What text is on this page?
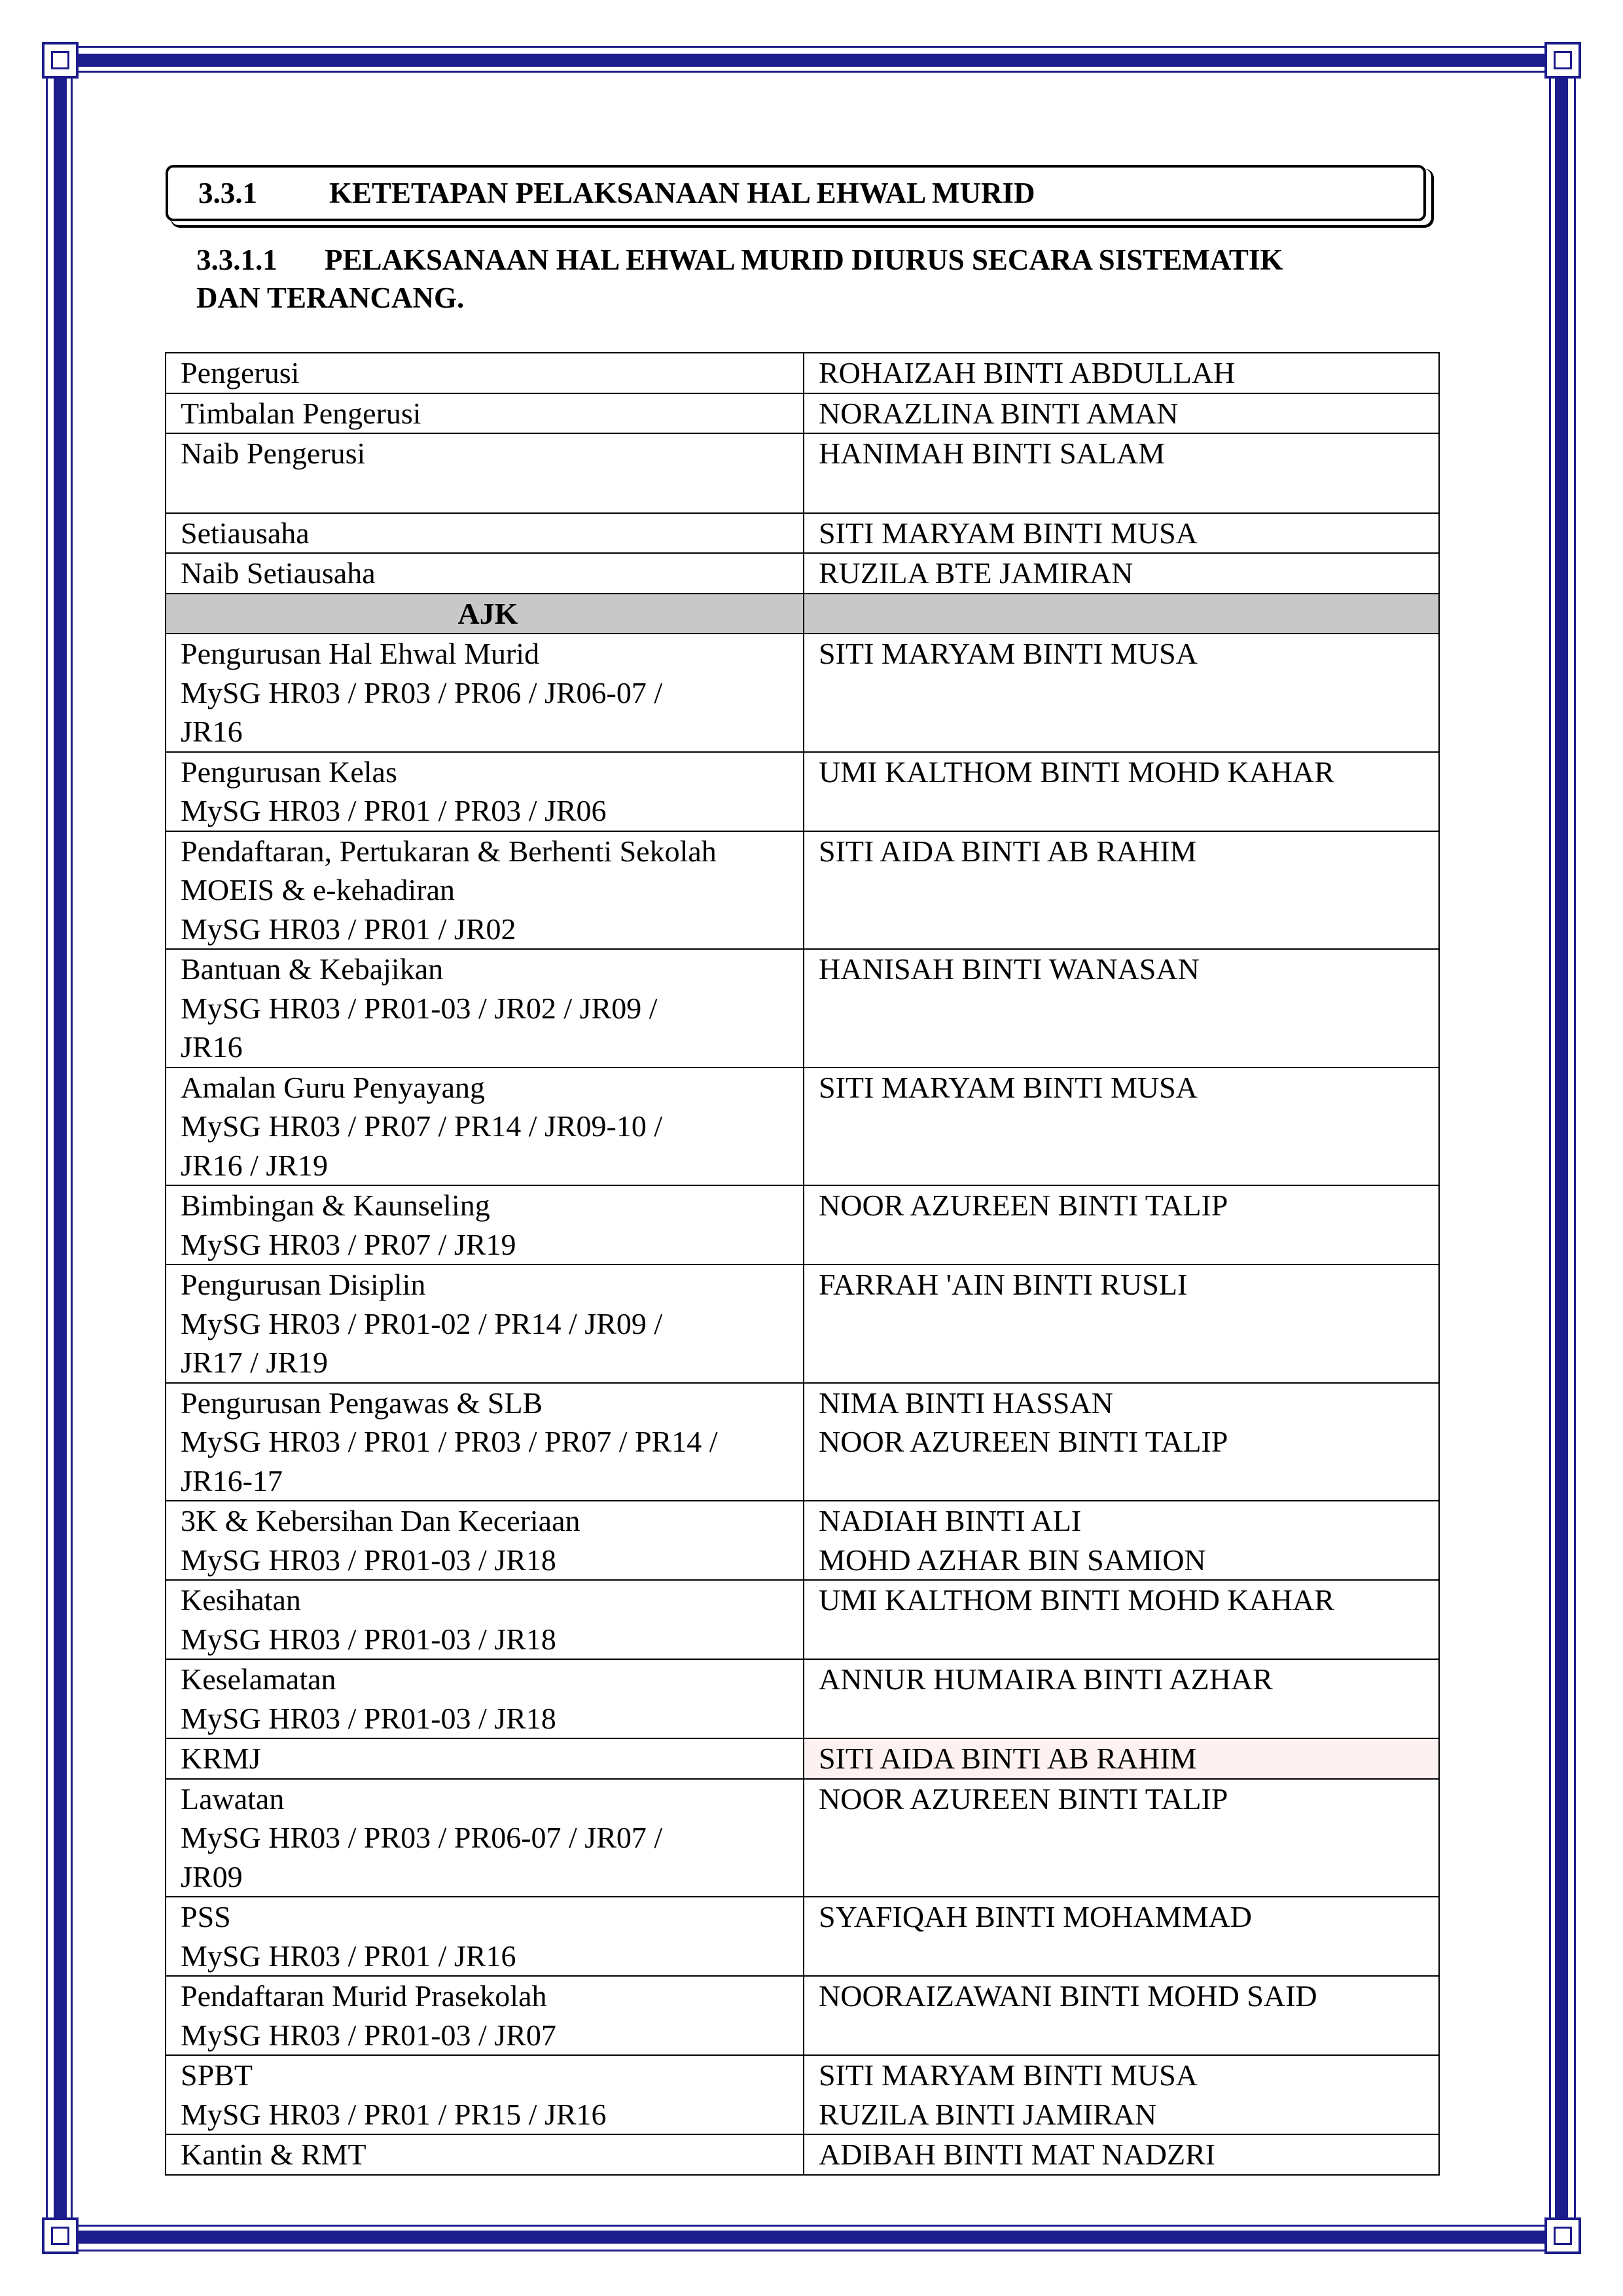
3.3.1	KETETAPAN PELAKSANAAN HAL EHWAL MURID
3.3.1.1 PELAKSANAAN HAL EHWAL MURID DIURUS SECARA SISTEMATIK
DAN TERANCANG.
Pengerusi	ROHAIZAH BINTI ABDULLAH

Timbalan Pengerusi	NORAZLINA BINTI AMAN

Naib Pengerusi	HANIMAH BINTI SALAM

Setiausaha	SITI MARYAM BINTI MUSA

Naib Setiausaha	RUZILA BTE JAMIRAN

AJK	

Pengurusan Hal Ehwal Murid
MySG HR03 / PR03 / PR06 / JR06-07 /
JR16	SITI MARYAM BINTI MUSA

Pengurusan Kelas
MySG HR03 / PR01 / PR03 / JR06	UMI KALTHOM BINTI MOHD KAHAR

Pendaftaran, Pertukaran & Berhenti Sekolah
MOEIS & e-kehadiran
MySG HR03 / PR01 / JR02	SITI AIDA BINTI AB RAHIM

Bantuan & Kebajikan
MySG HR03 / PR01-03 / JR02 / JR09 /
JR16	HANISAH BINTI WANASAN

Amalan Guru Penyayang
MySG HR03 / PR07 / PR14 / JR09-10 /
JR16 / JR19	SITI MARYAM BINTI MUSA

Bimbingan & Kaunseling
MySG HR03 / PR07 / JR19	NOOR AZUREEN BINTI TALIP

Pengurusan Disiplin
MySG HR03 / PR01-02 / PR14 / JR09 /
JR17 / JR19	FARRAH 'AIN BINTI RUSLI

Pengurusan Pengawas & SLB
MySG HR03 / PR01 / PR03 / PR07 / PR14 /
JR16-17	NIMA BINTI HASSAN
NOOR AZUREEN BINTI TALIP

3K & Kebersihan Dan Keceriaan
MySG HR03 / PR01-03 / JR18	NADIAH BINTI ALI
MOHD AZHAR BIN SAMION

Kesihatan
MySG HR03 / PR01-03 / JR18	UMI KALTHOM BINTI MOHD KAHAR

Keselamatan
MySG HR03 / PR01-03 / JR18	ANNUR HUMAIRA BINTI AZHAR

KRMJ	SITI AIDA BINTI AB RAHIM

Lawatan
MySG HR03 / PR03 / PR06-07 / JR07 /
JR09	NOOR AZUREEN BINTI TALIP

PSS
MySG HR03 / PR01 / JR16	SYAFIQAH BINTI MOHAMMAD

Pendaftaran Murid Prasekolah
MySG HR03 / PR01-03 / JR07	NOORAIZAWANI BINTI MOHD SAID

SPBT
MySG HR03 / PR01 / PR15 / JR16	SITI MARYAM BINTI MUSA
RUZILA BINTI JAMIRAN

Kantin & RMT	ADIBAH BINTI MAT NADZRI
